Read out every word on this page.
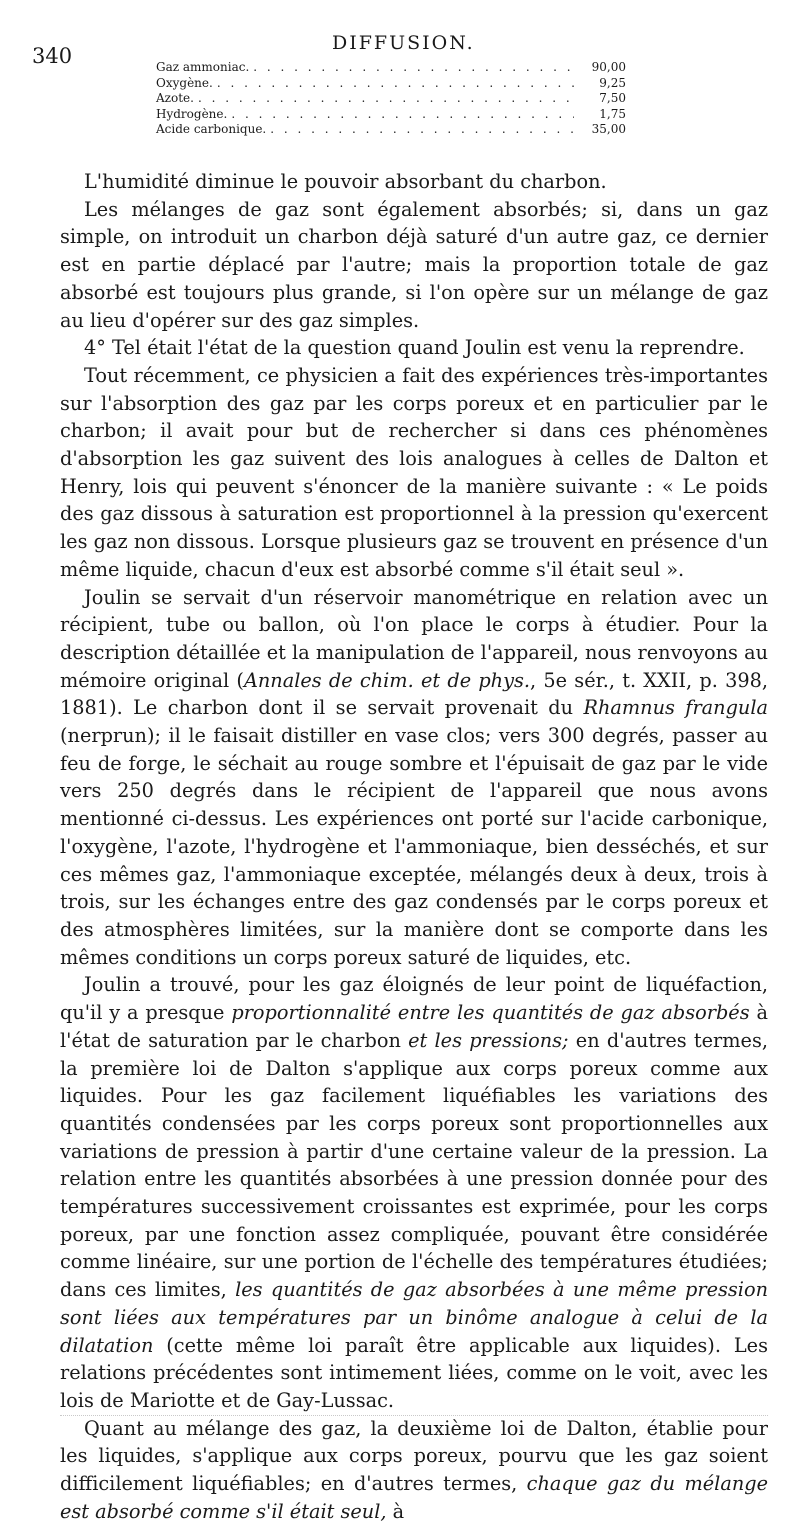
340
DIFFUSION.
Gaz ammoniac. . . .	90,00
Oxygène. . . .	9,25
Azote. . . .	7,50
Hydrogène. . . .	1,75
Acide carbonique. . . .	35,00

L'humidité diminue le pouvoir absorbant du charbon.

Les mélanges de gaz sont également absorbés; si, dans un gaz simple, on introduit un charbon déjà saturé d'un autre gaz, ce dernier est en partie déplacé par l'autre; mais la proportion totale de gaz absorbé est toujours plus grande, si l'on opère sur un mélange de gaz au lieu d'opérer sur des gaz simples.

4° Tel était l'état de la question quand Joulin est venu la reprendre.

Tout récemment, ce physicien a fait des expériences très-importantes sur l'absorption des gaz par les corps poreux et en particulier par le charbon; il avait pour but de rechercher si dans ces phénomènes d'absorption les gaz suivent des lois analogues à celles de Dalton et Henry, lois qui peuvent s'énoncer de la manière suivante : « Le poids des gaz dissous à saturation est proportionnel à la pression qu'exercent les gaz non dissous. Lorsque plusieurs gaz se trouvent en présence d'un même liquide, chacun d'eux est absorbé comme s'il était seul ».

Joulin se servait d'un réservoir manométrique en relation avec un récipient, tube ou ballon, où l'on place le corps à étudier. Pour la description détaillée et la manipulation de l'appareil, nous renvoyons au mémoire original (Annales de chim. et de phys., 5e sér., t. XXII, p. 398, 1881). Le charbon dont il se servait provenait du Rhamnus frangula (nerprun); il le faisait distiller en vase clos; vers 300 degrés, passer au feu de forge, le séchait au rouge sombre et l'épuisait de gaz par le vide vers 250 degrés dans le récipient de l'appareil que nous avons mentionné ci-dessus. Les expériences ont porté sur l'acide carbonique, l'oxygène, l'azote, l'hydrogène et l'ammoniaque, bien desséchés, et sur ces mêmes gaz, l'ammoniaque exceptée, mélangés deux à deux, trois à trois, sur les échanges entre des gaz condensés par le corps poreux et des atmosphères limitées, sur la manière dont se comporte dans les mêmes conditions un corps poreux saturé de liquides, etc.

Joulin a trouvé, pour les gaz éloignés de leur point de liquéfaction, qu'il y a presque proportionnalité entre les quantités de gaz absorbés à l'état de saturation par le charbon et les pressions; en d'autres termes, la première loi de Dalton s'applique aux corps poreux comme aux liquides. Pour les gaz facilement liquéfiables les variations des quantités condensées par les corps poreux sont proportionnelles aux variations de pression à partir d'une certaine valeur de la pression. La relation entre les quantités absorbées à une pression donnée pour des températures successivement croissantes est exprimée, pour les corps poreux, par une fonction assez compliquée, pouvant être considérée comme linéaire, sur une portion de l'échelle des températures étudiées; dans ces limites, les quantités de gaz absorbées à une même pression sont liées aux températures par un binôme analogue à celui de la dilatation (cette même loi paraît être applicable aux liquides). Les relations précédentes sont intimement liées, comme on le voit, avec les lois de Mariotte et de Gay-Lussac.

Quant au mélange des gaz, la deuxième loi de Dalton, établie pour les liquides, s'applique aux corps poreux, pourvu que les gaz soient difficilement liquéfiables; en d'autres termes, chaque gaz du mélange est absorbé comme s'il était seul, à
